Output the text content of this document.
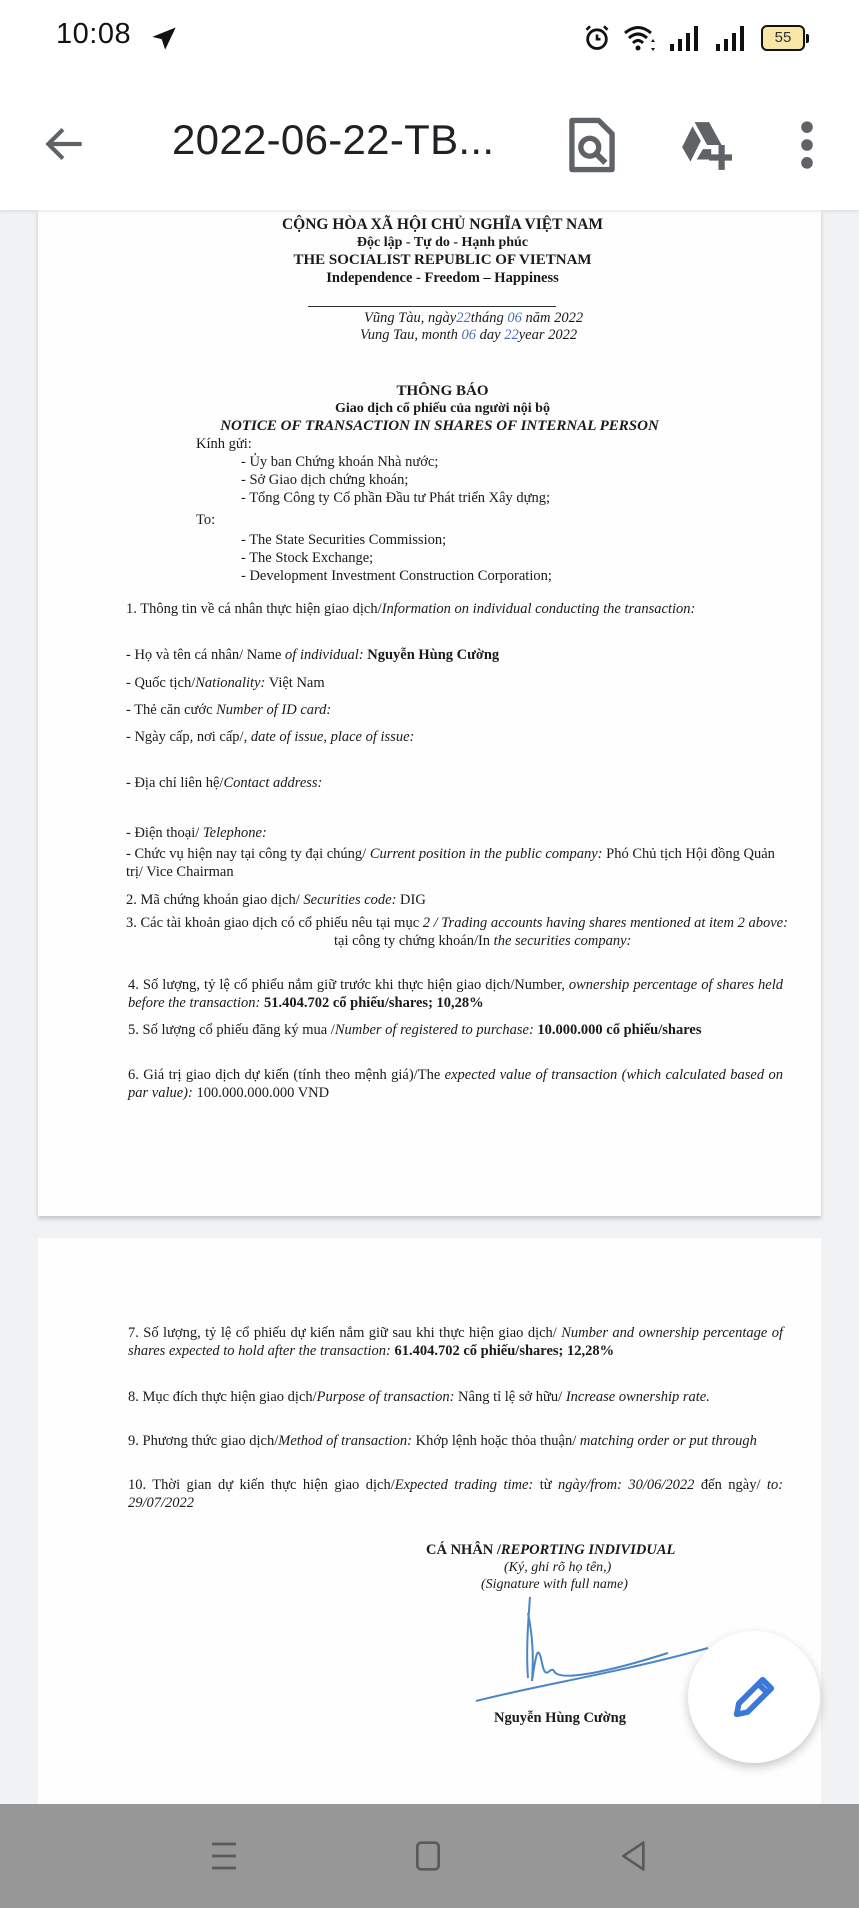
10:08	55
2022-06-22-TB...
CỘNG HÒA XÃ HỘI CHỦ NGHĨA VIỆT NAM
Độc lập - Tự do - Hạnh phúc
THE SOCIALIST REPUBLIC OF VIETNAM
Independence - Freedom – Happiness
Vũng Tàu, ngày22tháng 06 năm 2022
Vung Tau, month 06 day 22year 2022
THÔNG BÁO
Giao dịch cổ phiếu của người nội bộ
NOTICE OF TRANSACTION IN SHARES OF INTERNAL PERSON
Kính gửi:
- Ủy ban Chứng khoán Nhà nước;
- Sở Giao dịch chứng khoán;
- Tổng Công ty Cổ phần Đầu tư Phát triển Xây dựng;
To:
- The State Securities Commission;
- The Stock Exchange;
- Development Investment Construction Corporation;
1. Thông tin về cá nhân thực hiện giao dịch/Information on individual conducting the transaction:
- Họ và tên cá nhân/ Name of individual: Nguyễn Hùng Cường
- Quốc tịch/Nationality: Việt Nam
- Thẻ căn cước Number of ID card:
- Ngày cấp, nơi cấp/, date of issue, place of issue:
- Địa chỉ liên hệ/Contact address:
- Điện thoại/ Telephone:
- Chức vụ hiện nay tại công ty đại chúng/ Current position in the public company: Phó Chủ tịch Hội đồng Quản trị/ Vice Chairman
2. Mã chứng khoán giao dịch/ Securities code: DIG
3. Các tài khoản giao dịch có cổ phiếu nêu tại mục 2 / Trading accounts having shares mentioned at item 2 above:
tại công ty chứng khoán/In the securities company:
4. Số lượng, tỷ lệ cổ phiếu nắm giữ trước khi thực hiện giao dịch/Number, ownership percentage of shares held before the transaction: 51.404.702 cổ phiếu/shares; 10,28%
5. Số lượng cổ phiếu đăng ký mua /Number of registered to purchase: 10.000.000 cổ phiếu/shares
6. Giá trị giao dịch dự kiến (tính theo mệnh giá)/The expected value of transaction (which calculated based on par value): 100.000.000.000 VND
7. Số lượng, tỷ lệ cổ phiếu dự kiến nắm giữ sau khi thực hiện giao dịch/ Number and ownership percentage of shares expected to hold after the transaction: 61.404.702 cổ phiếu/shares; 12,28%
8. Mục đích thực hiện giao dịch/Purpose of transaction: Nâng tỉ lệ sở hữu/ Increase ownership rate.
9. Phương thức giao dịch/Method of transaction: Khớp lệnh hoặc thỏa thuận/ matching order or put through
10. Thời gian dự kiến thực hiện giao dịch/Expected trading time: từ ngày/from: 30/06/2022 đến ngày/ to: 29/07/2022
CÁ NHÂN /REPORTING INDIVIDUAL
(Ký, ghi rõ họ tên,)
(Signature with full name)
Nguyễn Hùng Cường
